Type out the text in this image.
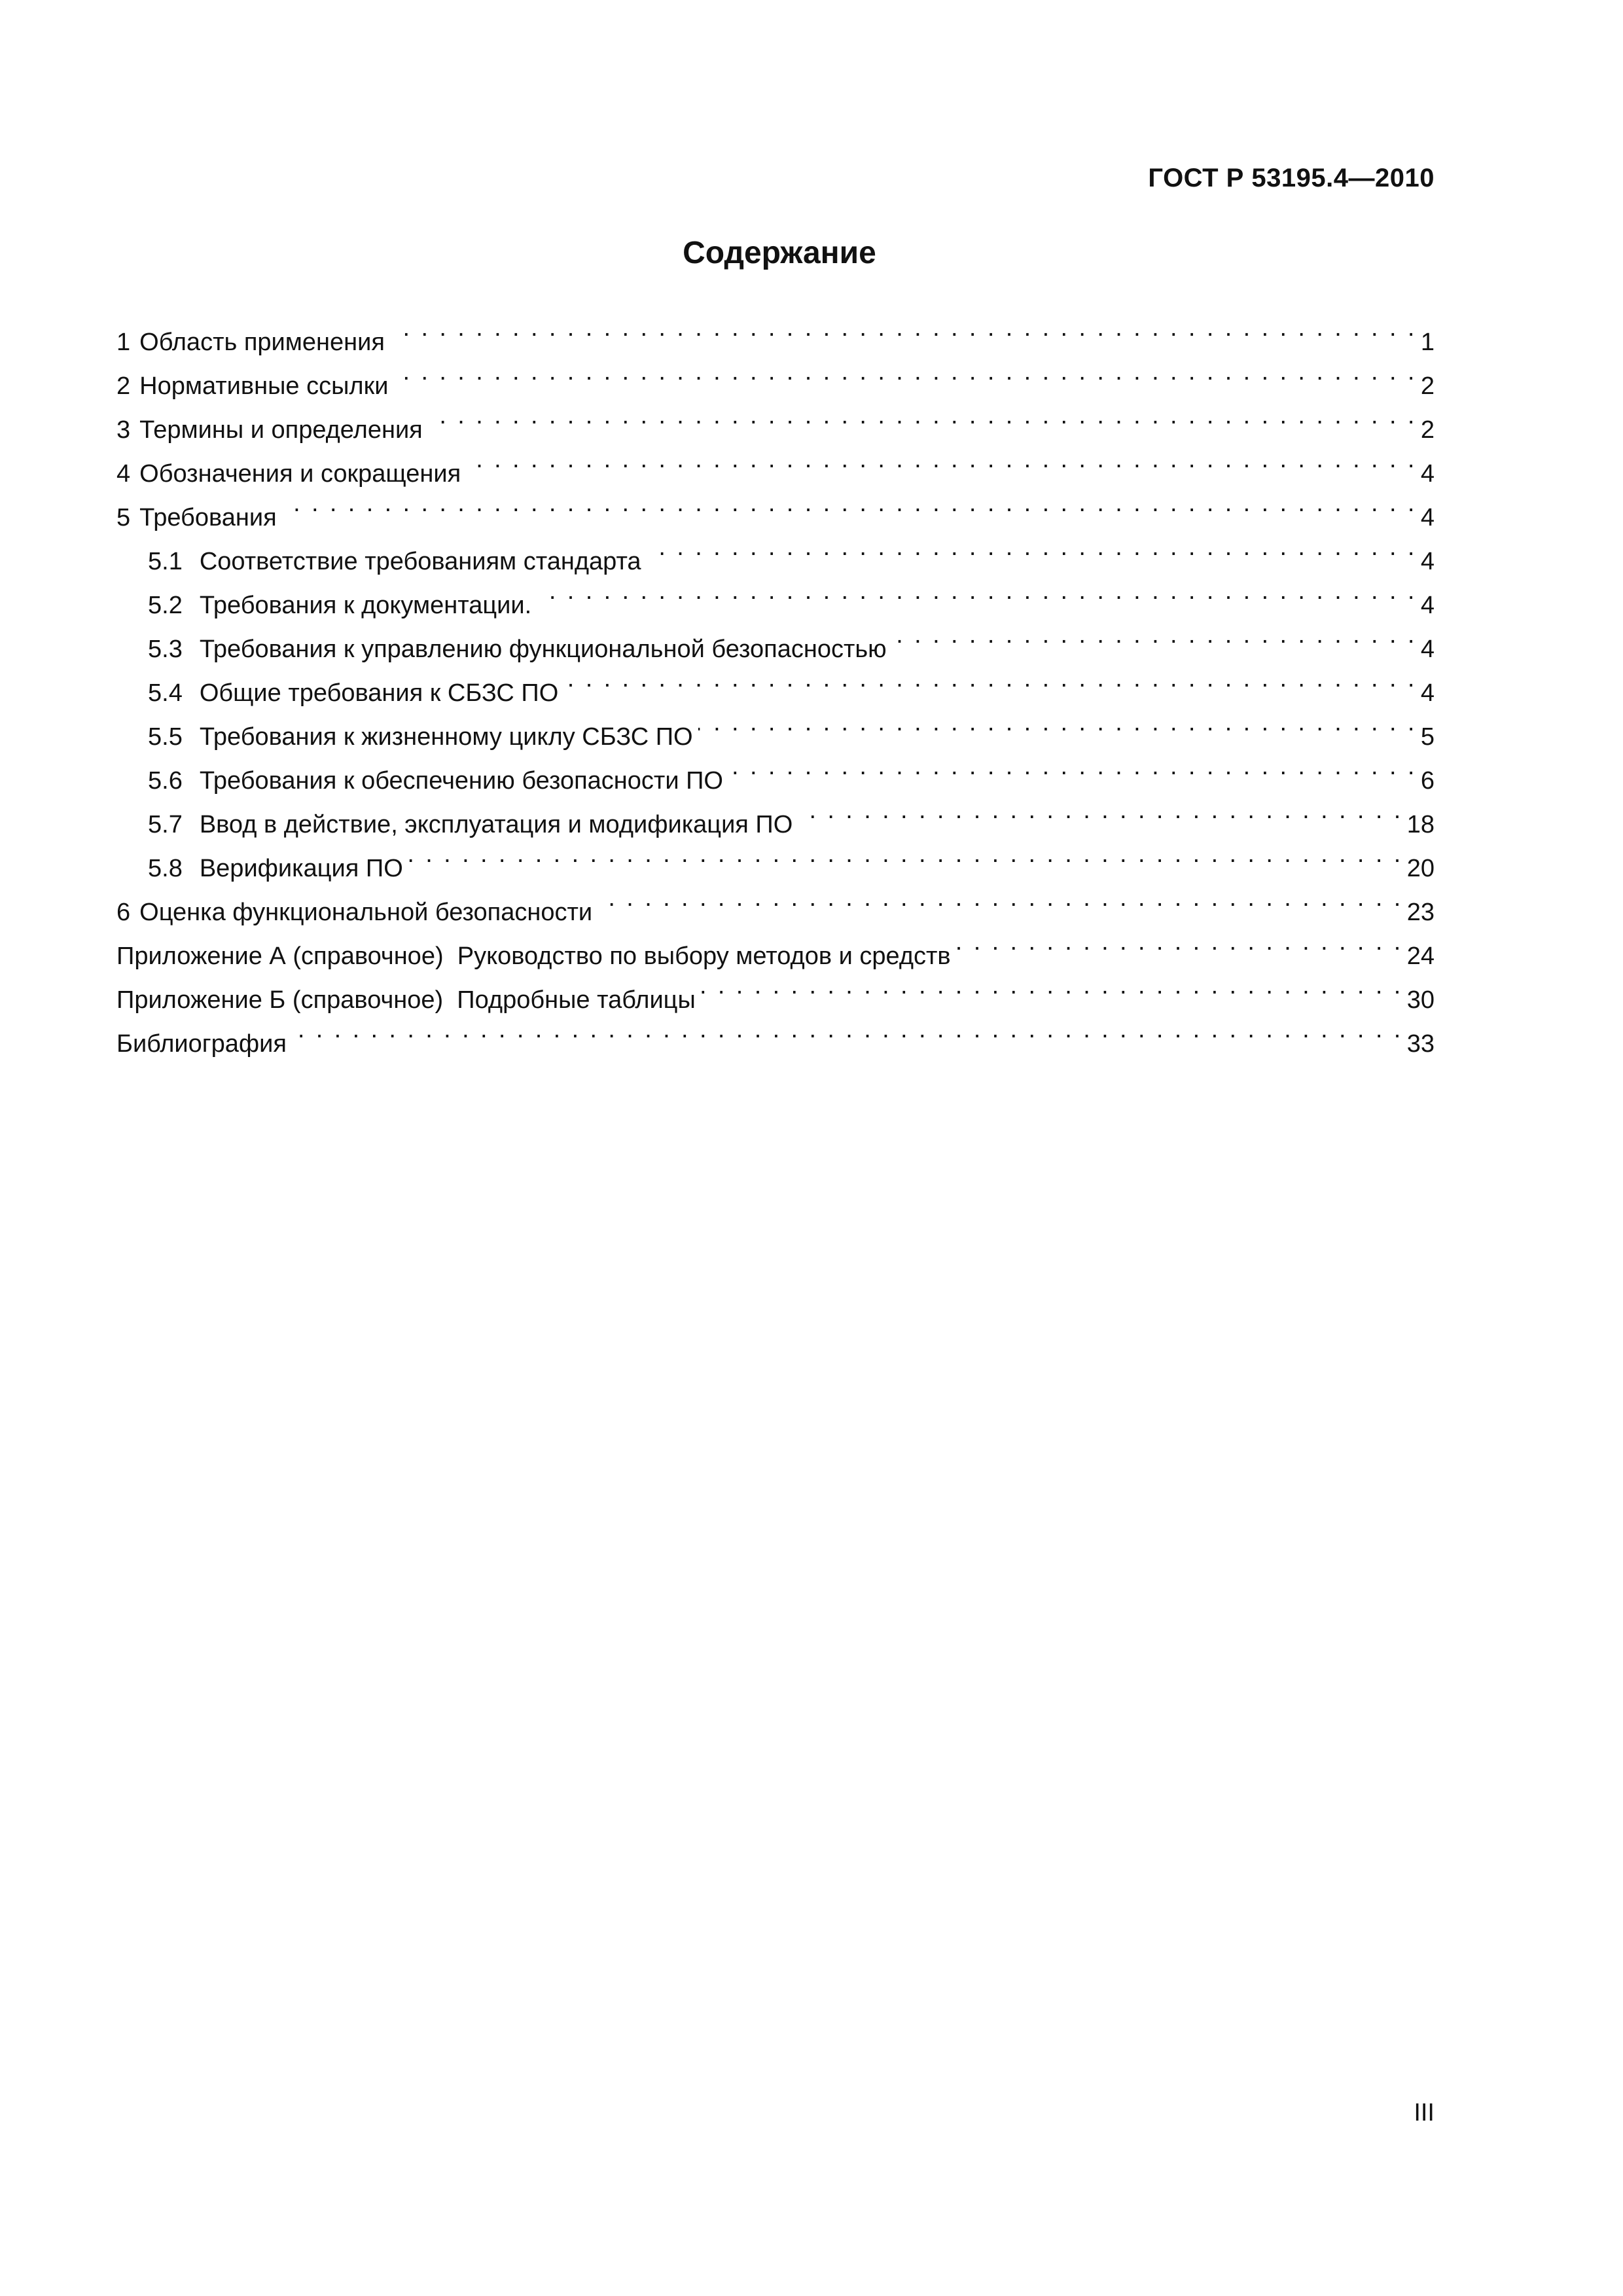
ГОСТ Р 53195.4—2010
Содержание
1 Область применения . . .	1
2 Нормативные ссылки . . .	2
3 Термины и определения . . .	2
4 Обозначения и сокращения . . .	4
5 Требования . . .	4
5.1 Соответствие требованиям стандарта . . .	4
5.2 Требования к документации. . . .	4
5.3 Требования к управлению функциональной безопасностью . . .	4
5.4 Общие требования к СБЗС ПО . . .	4
5.5 Требования к жизненному циклу СБЗС ПО . . .	5
5.6 Требования к обеспечению безопасности ПО . . .	6
5.7 Ввод в действие, эксплуатация и модификация ПО . . .	18
5.8 Верификация ПО . . .	20
6 Оценка функциональной безопасности . . .	23
Приложение А (справочное)  Руководство по выбору методов и средств . . .	24
Приложение Б (справочное)  Подробные таблицы . . .	30
Библиография . . .	33
III
